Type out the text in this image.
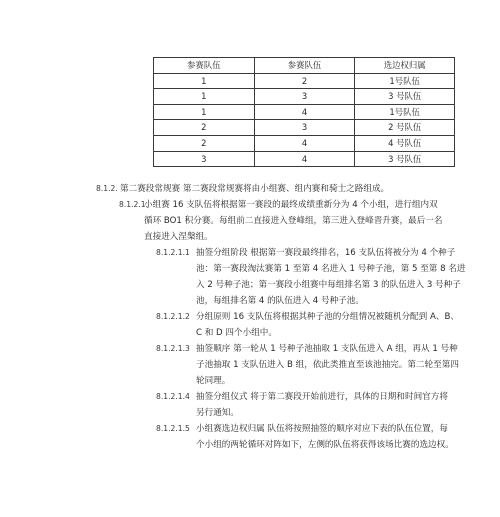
参赛队伍	参赛队伍	选边权归属
1	2	1号队伍
1	3	3 号队伍
1	4	1号队伍
2	3	2 号队伍
2	4	4 号队伍
3	4	3 号队伍
8.1.2. 第二赛段常规赛 第二赛段常规赛将由小组赛、组内赛和骑士之路组成。
8.1.2.1.
小组赛 16 支队伍将根据第一赛段的最终成绩重新分为 4 个小组，进行组内双
循环 BO1 积分赛。每组前二直接进入登峰组，第三进入登峰晋升赛，最后一名
直接进入涅槃组。
8.1.2.1.1 抽签分组阶段 根据第一赛段最终排名，16 支队伍将被分为 4 个种子
池：第一赛段淘汰赛第 1 至第 4 名进入 1 号种子池，第 5 至第 8 名进
入 2 号种子池；第一赛段小组赛中每组排名第 3 的队伍进入 3 号种子
池，每组排名第 4 的队伍进入 4 号种子池。
8.1.2.1.2 分组原则 16 支队伍将根据其种子池的分组情况被随机分配到 A、B、
C 和 D 四个小组中。
8.1.2.1.3 抽签顺序 第一轮从 1 号种子池抽取 1 支队伍进入 A 组，再从 1 号种
子池抽取 1 支队伍进入 B 组，依此类推直至该池抽完。第二轮至第四
轮同理。
8.1.2.1.4 抽签分组仪式 将于第二赛段开始前进行，具体的日期和时间官方将
另行通知。
8.1.2.1.5 小组赛选边权归属 队伍将按照抽签的顺序对应下表的队伍位置，每
个小组的两轮循环对阵如下，左侧的队伍将获得该场比赛的选边权。
